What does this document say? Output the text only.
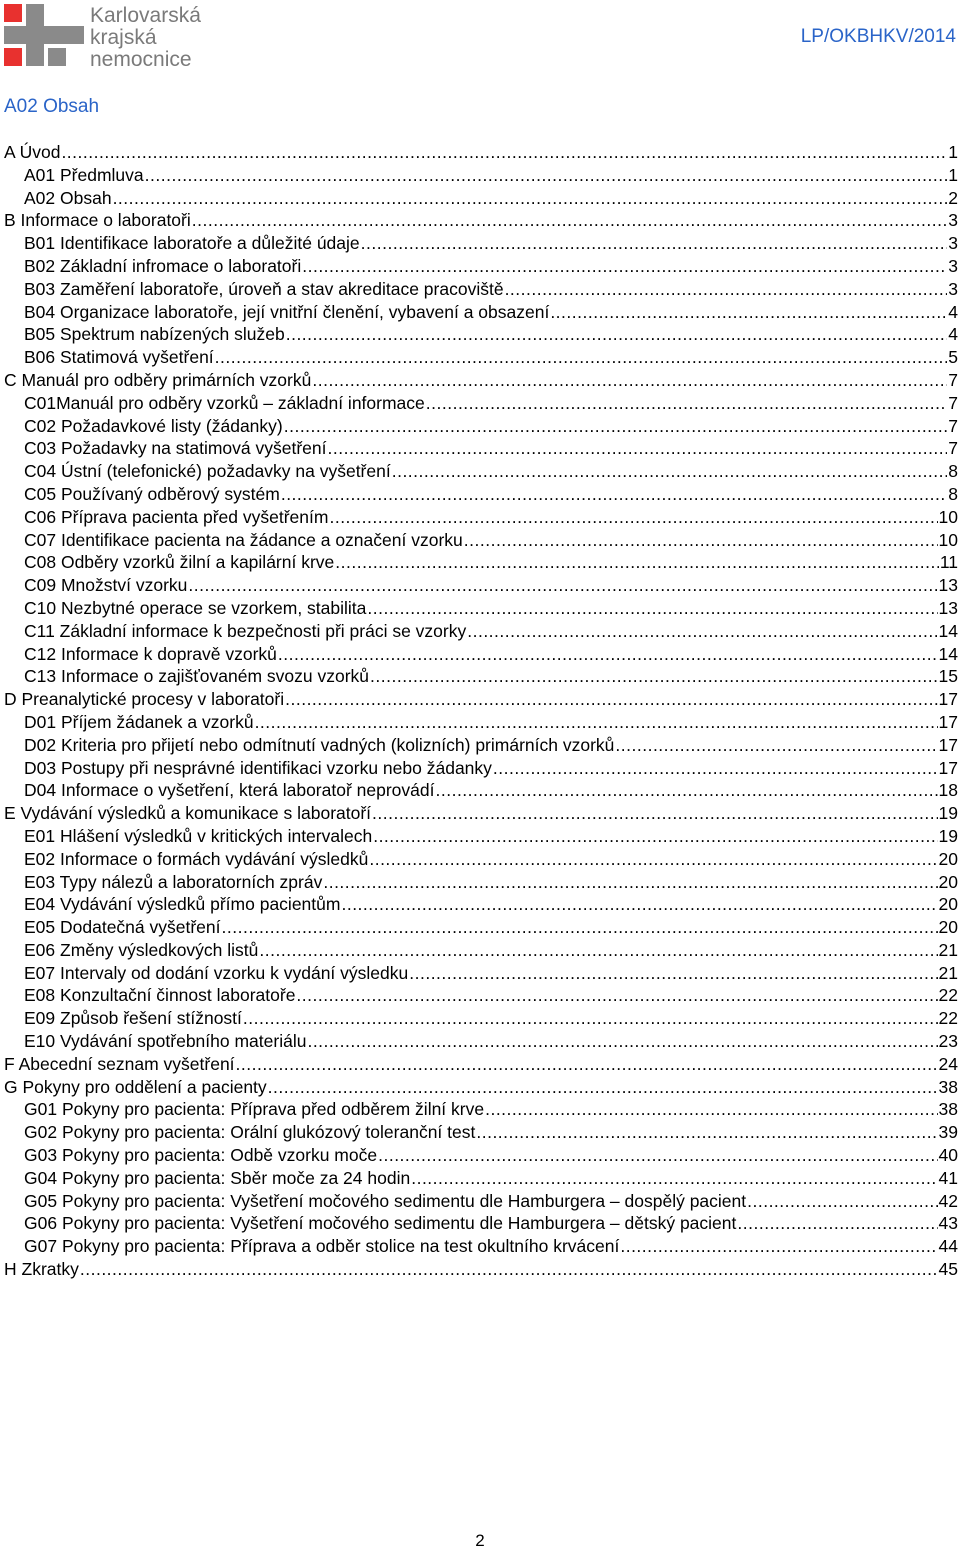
Karlovarská
krajská
nemocnice
LP/OKBHKV/2014
A02 Obsah
A Úvod .....	1
A01 Předmluva .....	1
A02 Obsah .....	2
B Informace o laboratoři .....	3
B01 Identifikace laboratoře a důležité údaje .....	3
B02 Základní infromace o laboratoři .....	3
B03 Zaměření laboratoře, úroveň a stav akreditace pracoviště .....	3
B04 Organizace laboratoře, její vnitřní členění, vybavení a obsazení .....	4
B05 Spektrum nabízených služeb .....	4
B06 Statimová vyšetření .....	5
C Manuál pro odběry primárních vzorků .....	7
C01Manuál pro odběry vzorků – základní informace .....	7
C02 Požadavkové listy (žádanky) .....	7
C03 Požadavky na statimová vyšetření .....	7
C04 Ústní (telefonické) požadavky na vyšetření .....	8
C05 Používaný odběrový systém .....	8
C06 Příprava pacienta před vyšetřením .....	10
C07 Identifikace pacienta na žádance a označení vzorku .....	10
C08 Odběry vzorků žilní a kapilární krve .....	11
C09 Množství vzorku .....	13
C10 Nezbytné operace se vzorkem, stabilita .....	13
C11 Základní informace k bezpečnosti při práci se vzorky .....	14
C12 Informace k dopravě vzorků .....	14
C13 Informace o zajišťovaném svozu vzorků .....	15
D Preanalytické procesy v laboratoři .....	17
D01 Příjem žádanek a vzorků .....	17
D02 Kriteria pro přijetí nebo odmítnutí vadných (kolizních) primárních vzorků .....	17
D03 Postupy při nesprávné identifikaci vzorku nebo žádanky .....	17
D04 Informace o vyšetření, která laboratoř neprovádí .....	18
E Vydávání výsledků a komunikace s laboratoří .....	19
E01 Hlášení výsledků v kritických intervalech .....	19
E02 Informace o formách vydávání výsledků .....	20
E03 Typy nálezů a laboratorních zpráv .....	20
E04 Vydávání výsledků přímo pacientům .....	20
E05 Dodatečná vyšetření .....	20
E06 Změny výsledkových listů .....	21
E07 Intervaly od dodání vzorku k vydání výsledku .....	21
E08 Konzultační činnost laboratoře .....	22
E09 Způsob řešení stížností .....	22
E10 Vydávání spotřebního materiálu .....	23
F Abecední seznam vyšetření .....	24
G Pokyny pro oddělení a pacienty .....	38
G01 Pokyny pro pacienta: Příprava před odběrem žilní krve .....	38
G02 Pokyny pro pacienta: Orální glukózový toleranční test .....	39
G03 Pokyny pro pacienta: Odbě vzorku moče .....	40
G04 Pokyny pro pacienta: Sběr moče za 24 hodin .....	41
G05 Pokyny pro pacienta: Vyšetření močového sedimentu dle Hamburgera – dospělý pacient .....	42
G06 Pokyny pro pacienta: Vyšetření močového sedimentu dle Hamburgera – dětský pacient .....	43
G07 Pokyny pro pacienta: Příprava a odběr stolice na test okultního krvácení .....	44
H Zkratky .....	45
2
